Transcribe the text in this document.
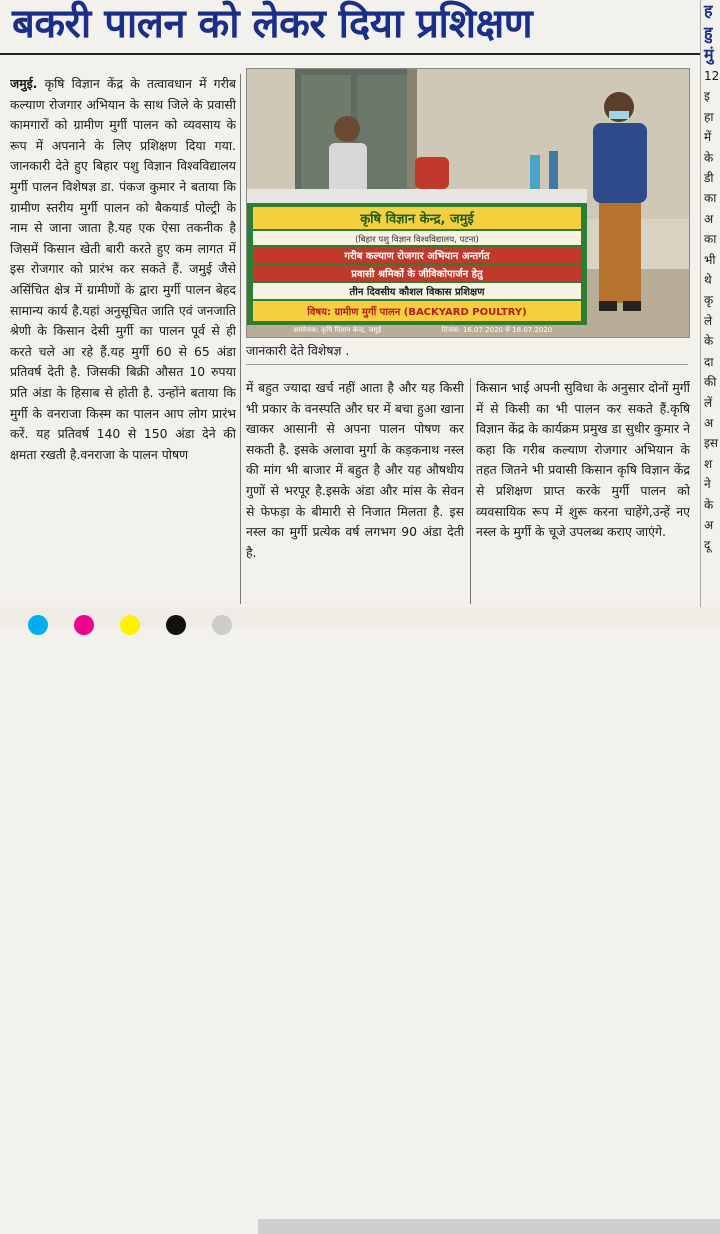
बकरी पालन को लेकर दिया प्रशिक्षण

जमुई. कृषि विज्ञान केंद्र के तत्वावधान में गरीब कल्याण रोजगार अभियान के साथ जिले के प्रवासी कामगारों को ग्रामीण मुर्गी पालन को व्यवसाय के रूप में अपनाने के लिए प्रशिक्षण दिया गया. जानकारी देते हुए बिहार पशु विज्ञान विश्वविद्यालय मुर्गी पालन विशेषज्ञ डा. पंकज कुमार ने बताया कि ग्रामीण स्तरीय मुर्गी पालन को बैकयार्ड पोल्ट्री के नाम से जाना जाता है.यह एक ऐसा तकनीक है जिसमें किसान खेती बारी करते हुए कम लागत में इस रोजगार को प्रारंभ कर सकते हैं. जमुई जैसे असिंचित क्षेत्र में ग्रामीणों के द्वारा मुर्गी पालन बेहद सामान्य कार्य है.यहां अनुसूचित जाति एवं जनजाति श्रेणी के किसान देसी मुर्गी का पालन पूर्व से ही करते चले आ रहे हैं.यह मुर्गी 60 से 65 अंडा प्रतिवर्ष देती है. जिसकी बिक्री औसत 10 रुपया प्रति अंडा के हिसाब से होती है. उन्होंने बताया कि मुर्गी के वनराजा किस्म का पालन आप लोग प्रारंभ करें. यह प्रतिवर्ष 140 से 150 अंडा देने की क्षमता रखती है.वनराजा के पालन पोषण

कृषि विज्ञान केन्द्र, जमुई
(बिहार पशु विज्ञान विश्वविद्यालय, पटना)
गरीब कल्याण रोजगार अभियान अन्तर्गत
प्रवासी श्रमिकों के जीविकोपार्जन हेतु
तीन दिवसीय कौशल विकास प्रशिक्षण
विषय: ग्रामीण मुर्गी पालन (BACKYARD POULTRY)
दिनांक: 16.07.2020 से 18.07.2020
आयोजक: कृषि विज्ञान केन्द्र, जमुई
जानकारी देते विशेषज्ञ .

में बहुत ज्यादा खर्च नहीं आता है और यह किसी भी प्रकार के वनस्पति और घर में बचा हुआ खाना खाकर आसानी से अपना पालन पोषण कर सकती है. इसके अलावा मुर्गा के कड़कनाथ नस्ल की मांग भी बाजार में बहुत है और यह औषधीय गुणों से भरपूर है.इसके अंडा और मांस के सेवन से फेफड़ा के बीमारी से निजात मिलता है. इस नस्ल का मुर्गी प्रत्येक वर्ष लगभग 90 अंडा देती है.

किसान भाई अपनी सुविधा के अनुसार दोनों मुर्गी में से किसी का भी पालन कर सकते हैं.कृषि विज्ञान केंद्र के कार्यक्रम प्रमुख डा सुधीर कुमार ने कहा कि गरीब कल्याण रोजगार अभियान के तहत जितने भी प्रवासी किसान कृषि विज्ञान केंद्र से प्रशिक्षण प्राप्त करके मुर्गी पालन को व्यवसायिक रूप में शुरू करना चाहेंगे,उन्हें नए नस्ल के मुर्गी के चूजे उपलब्ध कराए जाएंगे.

ह
हु
मुं
12
इ
हा
में
के
डी
का
अ
का
भी
थे
कृ
ले
के
दा
की
लें
अ
इस
श
ने
के
अ
दू
